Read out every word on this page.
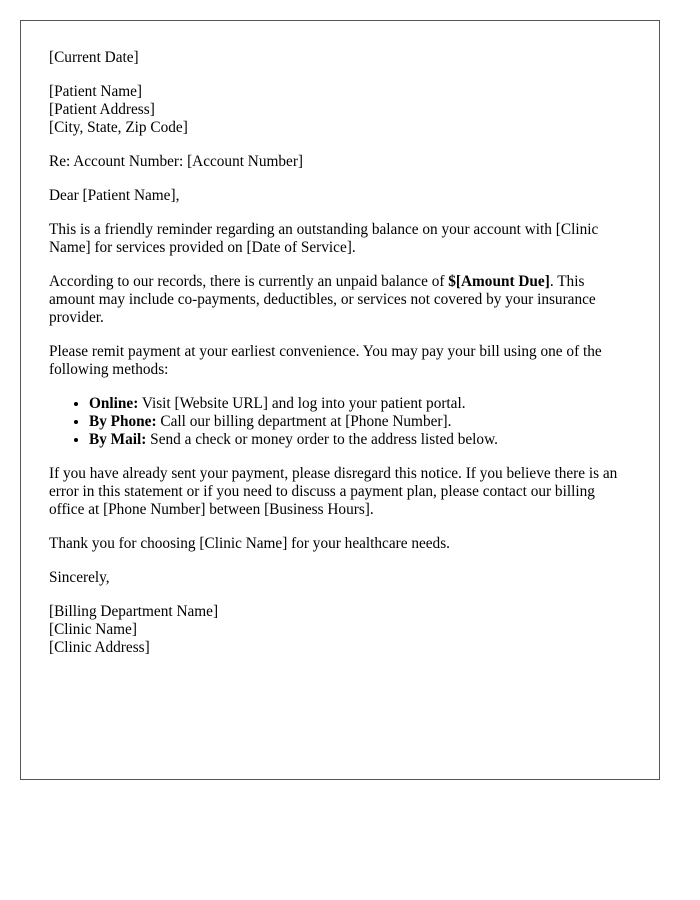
[Current Date]

[Patient Name]
[Patient Address]
[City, State, Zip Code]

Re: Account Number: [Account Number]

Dear [Patient Name],

This is a friendly reminder regarding an outstanding balance on your account with [Clinic Name] for services provided on [Date of Service].

According to our records, there is currently an unpaid balance of $[Amount Due]. This amount may include co-payments, deductibles, or services not covered by your insurance provider.

Please remit payment at your earliest convenience. You may pay your bill using one of the following methods:

• Online: Visit [Website URL] and log into your patient portal.
• By Phone: Call our billing department at [Phone Number].
• By Mail: Send a check or money order to the address listed below.

If you have already sent your payment, please disregard this notice. If you believe there is an error in this statement or if you need to discuss a payment plan, please contact our billing office at [Phone Number] between [Business Hours].

Thank you for choosing [Clinic Name] for your healthcare needs.

Sincerely,

[Billing Department Name]
[Clinic Name]
[Clinic Address]
